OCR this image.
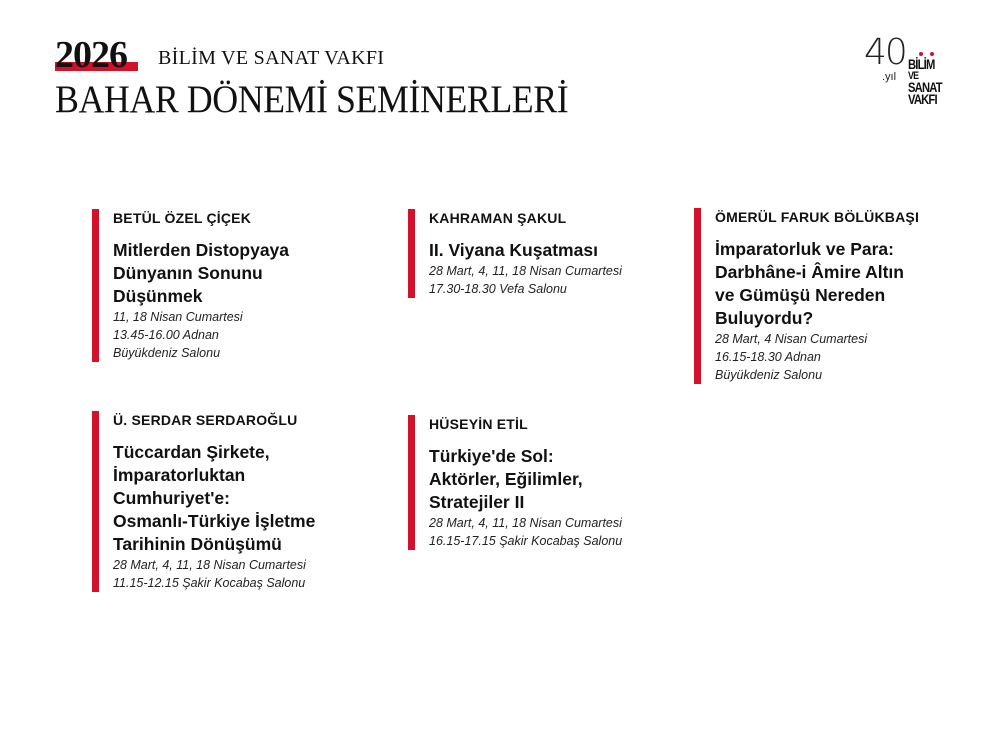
2026 BİLİM VE SANAT VAKFI
BAHAR DÖNEMİ SEMİNERLERİ
40
.yıl
BİLİM
VE
SANAT
VAKFI
BETÜL ÖZEL ÇİÇEK
Mitlerden Distopyaya
Dünyanın Sonunu
Düşünmek
11, 18 Nisan Cumartesi
13.45-16.00 Adnan
Büyükdeniz Salonu
KAHRAMAN ŞAKUL
II. Viyana Kuşatması
28 Mart, 4, 11, 18 Nisan Cumartesi
17.30-18.30 Vefa Salonu
ÖMERÜL FARUK BÖLÜKBAŞI
İmparatorluk ve Para:
Darbhâne-i Âmire Altın
ve Gümüşü Nereden
Buluyordu?
28 Mart, 4 Nisan Cumartesi
16.15-18.30 Adnan
Büyükdeniz Salonu
Ü. SERDAR SERDAROĞLU
Tüccardan Şirkete,
İmparatorluktan
Cumhuriyet'e:
Osmanlı-Türkiye İşletme
Tarihinin Dönüşümü
28 Mart, 4, 11, 18 Nisan Cumartesi
11.15-12.15 Şakir Kocabaş Salonu
HÜSEYİN ETİL
Türkiye'de Sol:
Aktörler, Eğilimler,
Stratejiler II
28 Mart, 4, 11, 18 Nisan Cumartesi
16.15-17.15 Şakir Kocabaş Salonu
